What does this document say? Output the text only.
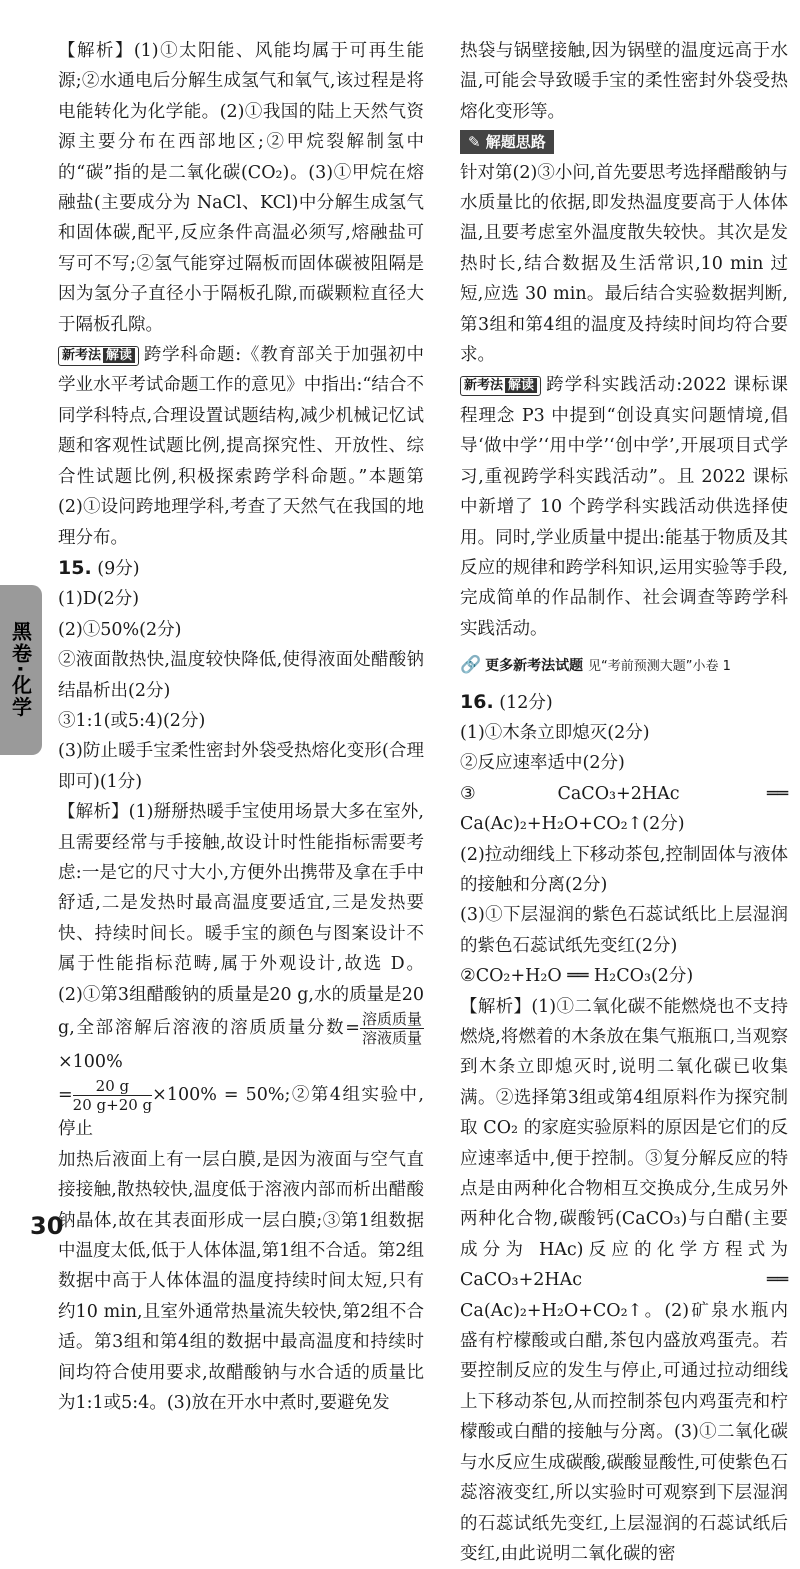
黑卷·化学

【解析】(1)①太阳能、风能均属于可再生能源;②水通电后分解生成氢气和氧气,该过程是将电能转化为化学能。(2)①我国的陆上天然气资源主要分布在西部地区;②甲烷裂解制氢中的“碳”指的是二氧化碳(CO₂)。(3)①甲烷在熔融盐(主要成分为 NaCl、KCl)中分解生成氢气和固体碳,配平,反应条件高温必须写,熔融盐可写可不写;②氢气能穿过隔板而固体碳被阻隔是因为氢分子直径小于隔板孔隙,而碳颗粒直径大于隔板孔隙。

新考法 解读 跨学科命题:《教育部关于加强初中学业水平考试命题工作的意见》中指出:“结合不同学科特点,合理设置试题结构,减少机械记忆试题和客观性试题比例,提高探究性、开放性、综合性试题比例,积极探索跨学科命题。”本题第(2)①设问跨地理学科,考查了天然气在我国的地理分布。

15. (9分)

(1)D(2分)

(2)①50%(2分)

②液面散热快,温度较快降低,使得液面处醋酸钠结晶析出(2分)

③1:1(或5:4)(2分)

(3)防止暖手宝柔性密封外袋受热熔化变形(合理即可)(1分)

【解析】(1)掰掰热暖手宝使用场景大多在室外,且需要经常与手接触,故设计时性能指标需要考虑:一是它的尺寸大小,方便外出携带及拿在手中舒适,二是发热时最高温度要适宜,三是发热要快、持续时间长。暖手宝的颜色与图案设计不属于性能指标范畴,属于外观设计,故选 D。(2)①第3组醋酸钠的质量是20 g,水的质量是20 g,全部溶解后溶液的溶质质量分数= $\frac{\text{溶质质量}}{\text{溶液质量}}$
×100%

= $\frac{20 g}{20 g+20 g} \times 100\%$ = 50%;②第4组实验中,停止

加热后液面上有一层白膜,是因为液面与空气直接接触,散热较快,温度低于溶液内部而析出醋酸钠晶体,故在其表面形成一层白膜;③第1组数据中温度太低,低于人体体温,第1组不合适。第2组数据中高于人体体温的温度持续时间太短,只有约10 min,且室外通常热量流失较快,第2组不合适。第3组和第4组的数据中最高温度和持续时间均符合使用要求,故醋酸钠与水合适的质量比为1:1或5:4。(3)放在开水中煮时,要避免发

热袋与锅壁接触,因为锅壁的温度远高于水温,可能会导致暖手宝的柔性密封外袋受热熔化变形等。

✎ 解题思路

针对第(2)③小问,首先要思考选择醋酸钠与水质量比的依据,即发热温度要高于人体体温,且要考虑室外温度散失较快。其次是发热时长,结合数据及生活常识,10 min 过短,应选 30 min。最后结合实验数据判断,第3组和第4组的温度及持续时间均符合要求。

新考法 解读 跨学科实践活动:2022 课标课程理念 P3 中提到“创设真实问题情境,倡导‘做中学’‘用中学’‘创中学’,开展项目式学习,重视跨学科实践活动”。且 2022 课标中新增了 10 个跨学科实践活动供选择使用。同时,学业质量中提出:能基于物质及其反应的规律和跨学科知识,运用实验等手段,完成简单的作品制作、社会调查等跨学科实践活动。

🔗 更多新考法试题 见“考前预测大题”小卷 1

16. (12分)

(1)①木条立即熄灭(2分)

②反应速率适中(2分)

③CaCO₃+2HAc ══ Ca(Ac)₂+H₂O+CO₂↑(2分)

(2)拉动细线上下移动茶包,控制固体与液体的接触和分离(2分)

(3)①下层湿润的紫色石蕊试纸比上层湿润的紫色石蕊试纸先变红(2分)

②CO₂+H₂O ══ H₂CO₃(2分)

【解析】(1)①二氧化碳不能燃烧也不支持燃烧,将燃着的木条放在集气瓶瓶口,当观察到木条立即熄灭时,说明二氧化碳已收集满。②选择第3组或第4组原料作为探究制取 CO₂ 的家庭实验原料的原因是它们的反应速率适中,便于控制。③复分解反应的特点是由两种化合物相互交换成分,生成另外两种化合物,碳酸钙(CaCO₃)与白醋(主要成分为 HAc)反应的化学方程式为 CaCO₃+2HAc ══ Ca(Ac)₂+H₂O+CO₂↑。(2)矿泉水瓶内盛有柠檬酸或白醋,茶包内盛放鸡蛋壳。若要控制反应的发生与停止,可通过拉动细线上下移动茶包,从而控制茶包内鸡蛋壳和柠檬酸或白醋的接触与分离。(3)①二氧化碳与水反应生成碳酸,碳酸显酸性,可使紫色石蕊溶液变红,所以实验时可观察到下层湿润的石蕊试纸先变红,上层湿润的石蕊试纸后变红,由此说明二氧化碳的密

30
